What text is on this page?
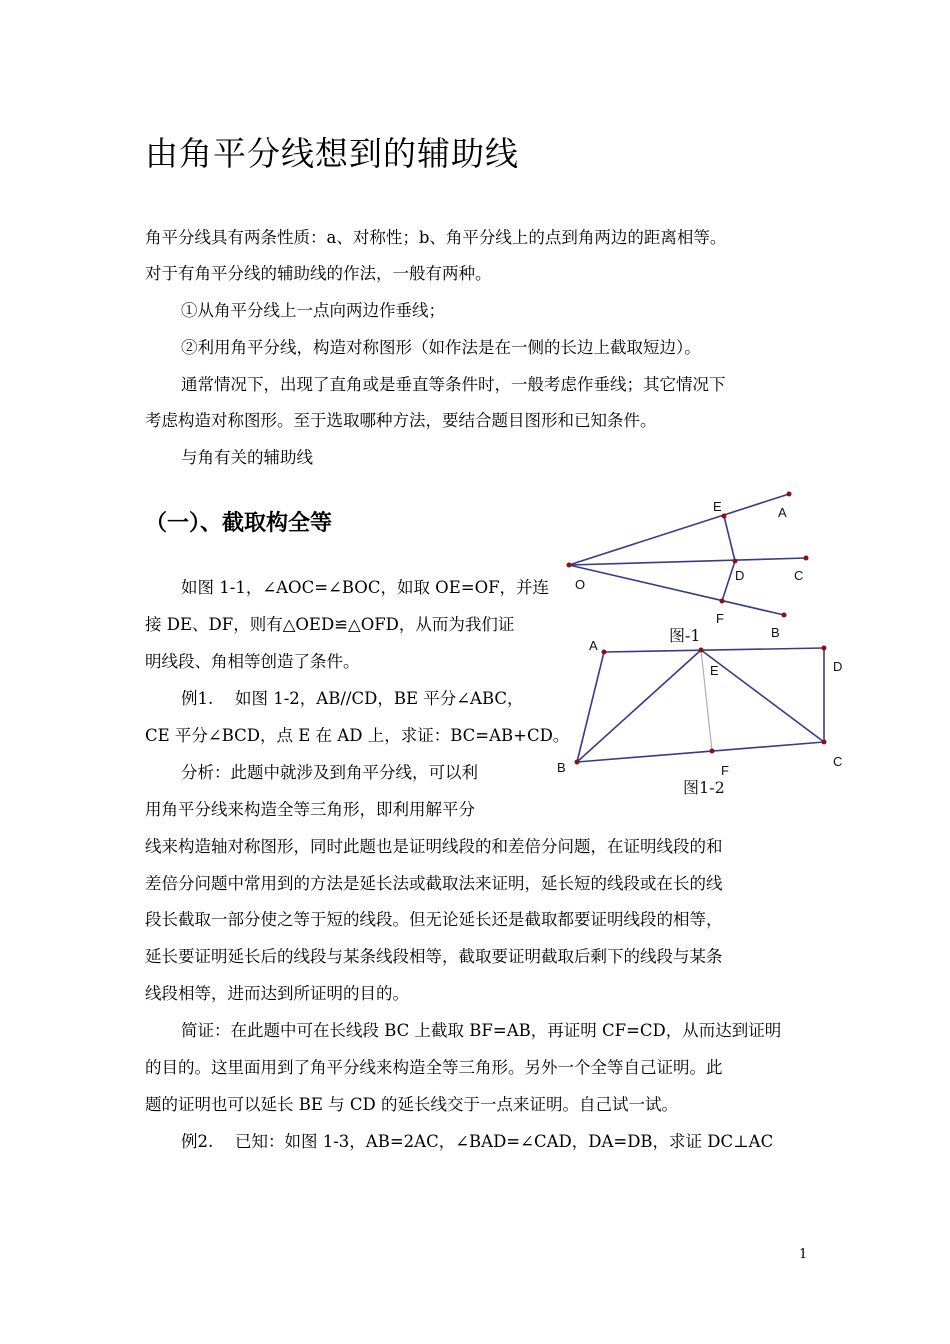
由角平分线想到的辅助线
角平分线具有两条性质：a、对称性；b、角平分线上的点到角两边的距离相等。
对于有角平分线的辅助线的作法，一般有两种。
①从角平分线上一点向两边作垂线；
②利用角平分线，构造对称图形（如作法是在一侧的长边上截取短边）。
通常情况下，出现了直角或是垂直等条件时，一般考虑作垂线；其它情况下
考虑构造对称图形。至于选取哪种方法，要结合题目图形和已知条件。
与角有关的辅助线
（一）、截取构全等
如图 1-1，∠AOC=∠BOC，如取 OE=OF，并连
接 DE、DF，则有△OED≌△OFD，从而为我们证
明线段、角相等创造了条件。
例1.　 如图 1-2，AB//CD，BE 平分∠ABC，
CE 平分∠BCD，点 E 在 AD 上，求证：BC=AB+CD。
分析：此题中就涉及到角平分线，可以利
用角平分线来构造全等三角形，即利用解平分
线来构造轴对称图形，同时此题也是证明线段的和差倍分问题，在证明线段的和
差倍分问题中常用到的方法是延长法或截取法来证明，延长短的线段或在长的线
段长截取一部分使之等于短的线段。但无论延长还是截取都要证明线段的相等，
延长要证明延长后的线段与某条线段相等，截取要证明截取后剩下的线段与某条
线段相等，进而达到所证明的目的。
简证：在此题中可在长线段 BC 上截取 BF=AB，再证明 CF=CD，从而达到证明
的目的。这里面用到了角平分线来构造全等三角形。另外一个全等自己证明。此
题的证明也可以延长 BE 与 CD 的延长线交于一点来证明。自己试一试。
例2.　 已知：如图 1-3，AB=2AC，∠BAD=∠CAD，DA=DB，求证 DC⊥AC
E	A
O
D	C
F
B
图-1
A
E	D
B	F
C
图1-2
1
